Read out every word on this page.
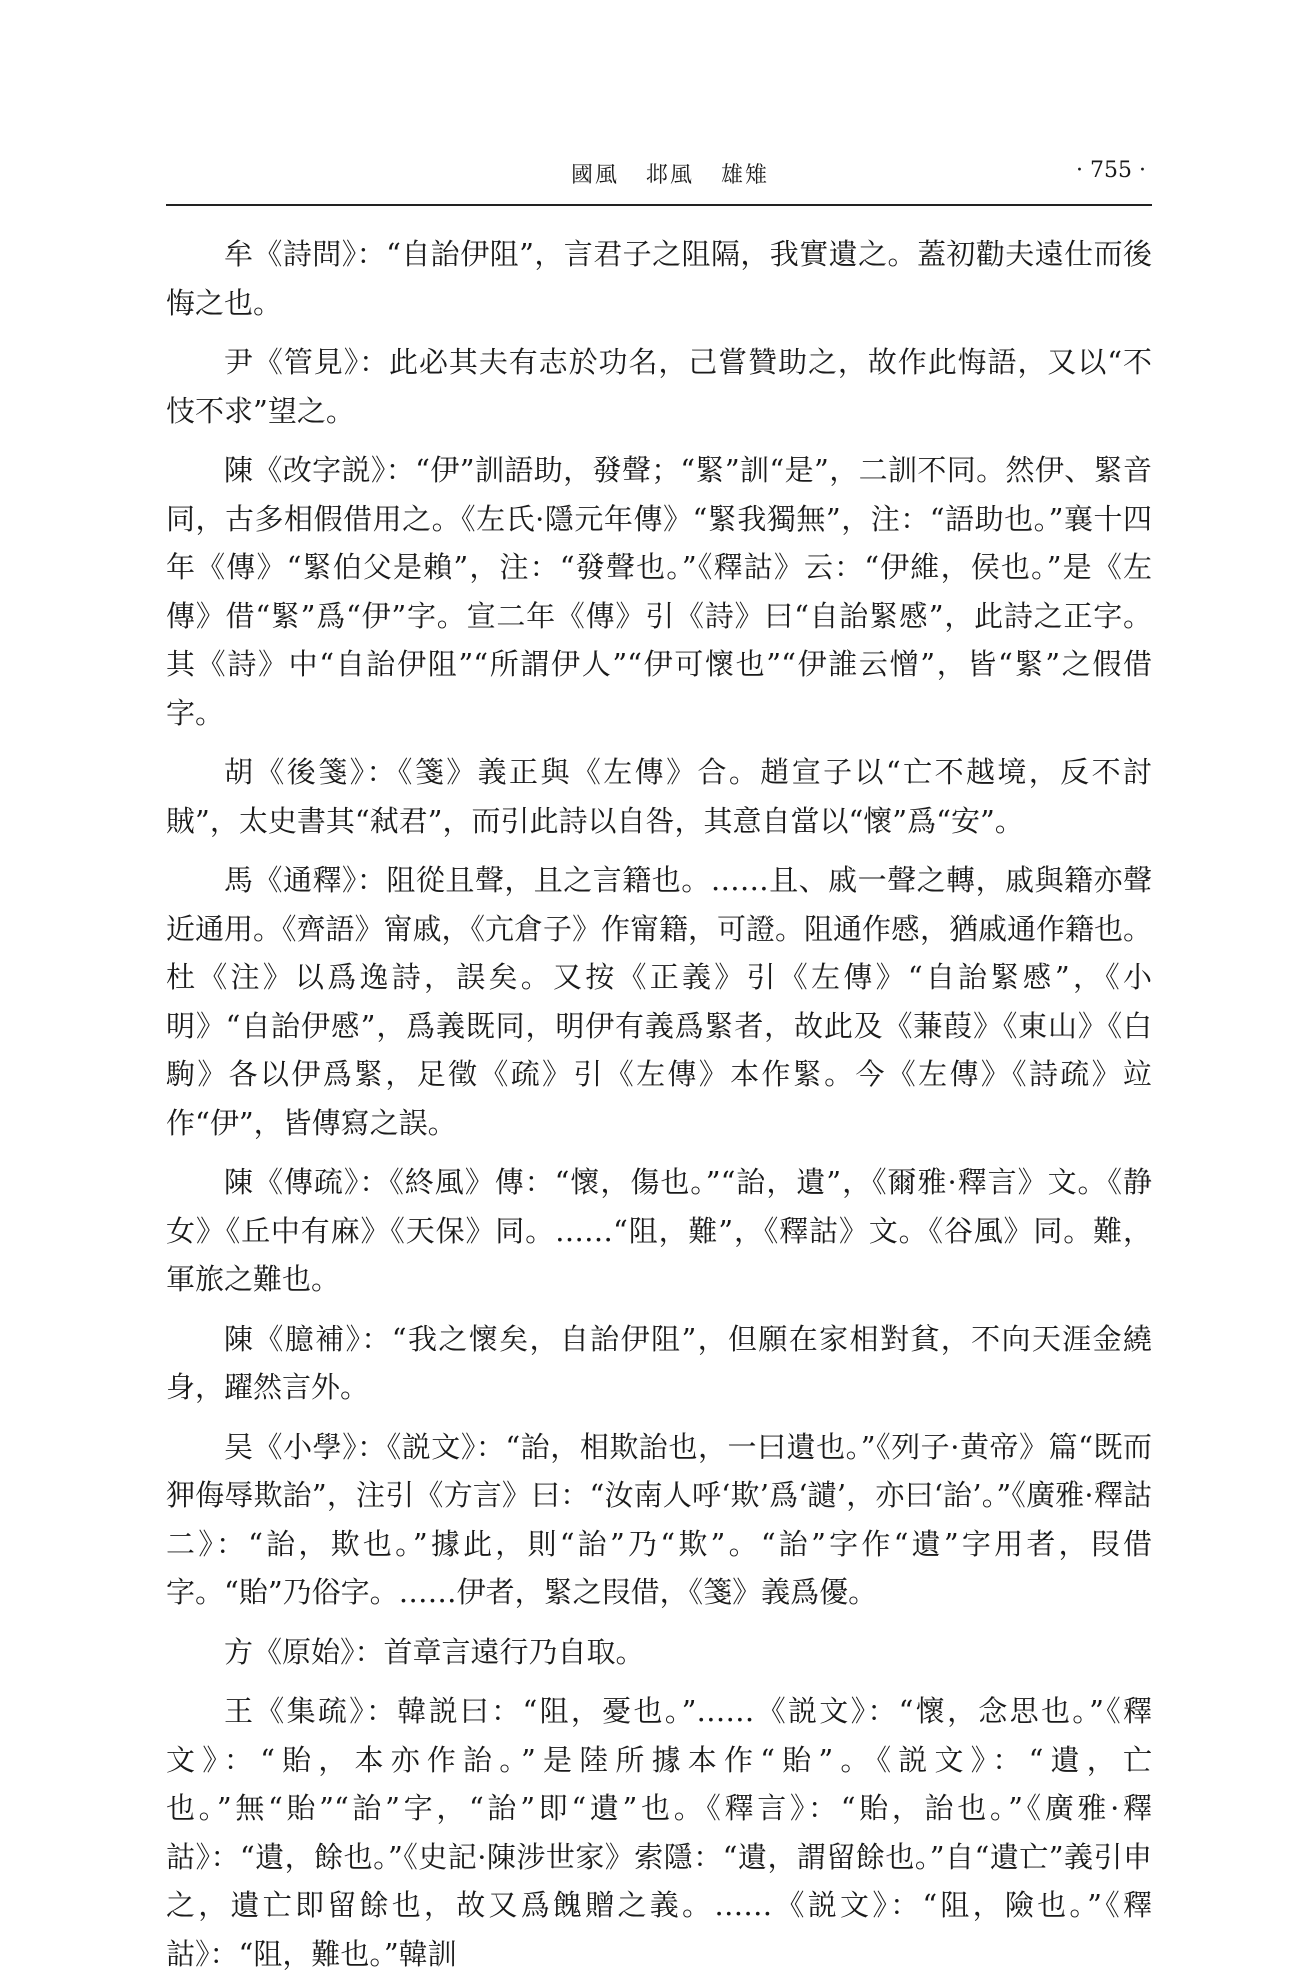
國風 邶風 雄雉	· 755 ·

牟《詩問》：“自詒伊阻”，言君子之阻隔，我實遺之。蓋初勸夫遠仕而後悔之也。

尹《管見》：此必其夫有志於功名，己嘗贊助之，故作此悔語，又以“不忮不求”望之。

陳《改字説》：“伊”訓語助，發聲；“緊”訓“是”，二訓不同。然伊、緊音同，古多相假借用之。《左氏·隱元年傳》“緊我獨無”，注：“語助也。”襄十四年《傳》“緊伯父是賴”，注：“發聲也。”《釋詁》云：“伊維，侯也。”是《左傳》借“緊”爲“伊”字。宣二年《傳》引《詩》曰“自詒緊慼”，此詩之正字。其《詩》中“自詒伊阻”“所謂伊人”“伊可懷也”“伊誰云憎”，皆“緊”之假借字。

胡《後箋》：《箋》義正與《左傳》合。趙宣子以“亡不越境，反不討賊”，太史書其“弒君”，而引此詩以自咎，其意自當以“懷”爲“安”。

馬《通釋》：阻從且聲，且之言籍也。……且、戚一聲之轉，戚與籍亦聲近通用。《齊語》甯戚，《亢倉子》作甯籍，可證。阻通作慼，猶戚通作籍也。杜《注》以爲逸詩，誤矣。又按《正義》引《左傳》“自詒緊慼”，《小明》“自詒伊慼”，爲義既同，明伊有義爲緊者，故此及《蒹葭》《東山》《白駒》各以伊爲緊，足徵《疏》引《左傳》本作緊。今《左傳》《詩疏》竝作“伊”，皆傳寫之誤。

陳《傳疏》：《終風》傳：“懷，傷也。”“詒，遺”，《爾雅·釋言》文。《静女》《丘中有麻》《天保》同。……“阻，難”，《釋詁》文。《谷風》同。難，軍旅之難也。

陳《臆補》：“我之懷矣，自詒伊阻”，但願在家相對貧，不向天涯金繞身，躍然言外。

吴《小學》：《説文》：“詒，相欺詒也，一曰遺也。”《列子·黄帝》篇“既而狎侮辱欺詒”，注引《方言》曰：“汝南人呼‘欺’爲‘讉’，亦曰‘詒’。”《廣雅·釋詁二》：“詒，欺也。”據此，則“詒”乃“欺”。“詒”字作“遺”字用者，叚借字。“貽”乃俗字。……伊者，緊之叚借，《箋》義爲優。

方《原始》：首章言遠行乃自取。

王《集疏》：韓説曰：“阻，憂也。”……《説文》：“懷，念思也。”《釋文》：“貽，本亦作詒。”是陸所據本作“貽”。《説文》：“遺，亡也。”無“貽”“詒”字，“詒”即“遺”也。《釋言》：“貽，詒也。”《廣雅·釋詁》：“遺，餘也。”《史記·陳涉世家》索隱：“遺，謂留餘也。”自“遺亡”義引申之，遺亡即留餘也，故又爲餽贈之義。……《説文》：“阻，險也。”《釋詁》：“阻，難也。”韓訓
